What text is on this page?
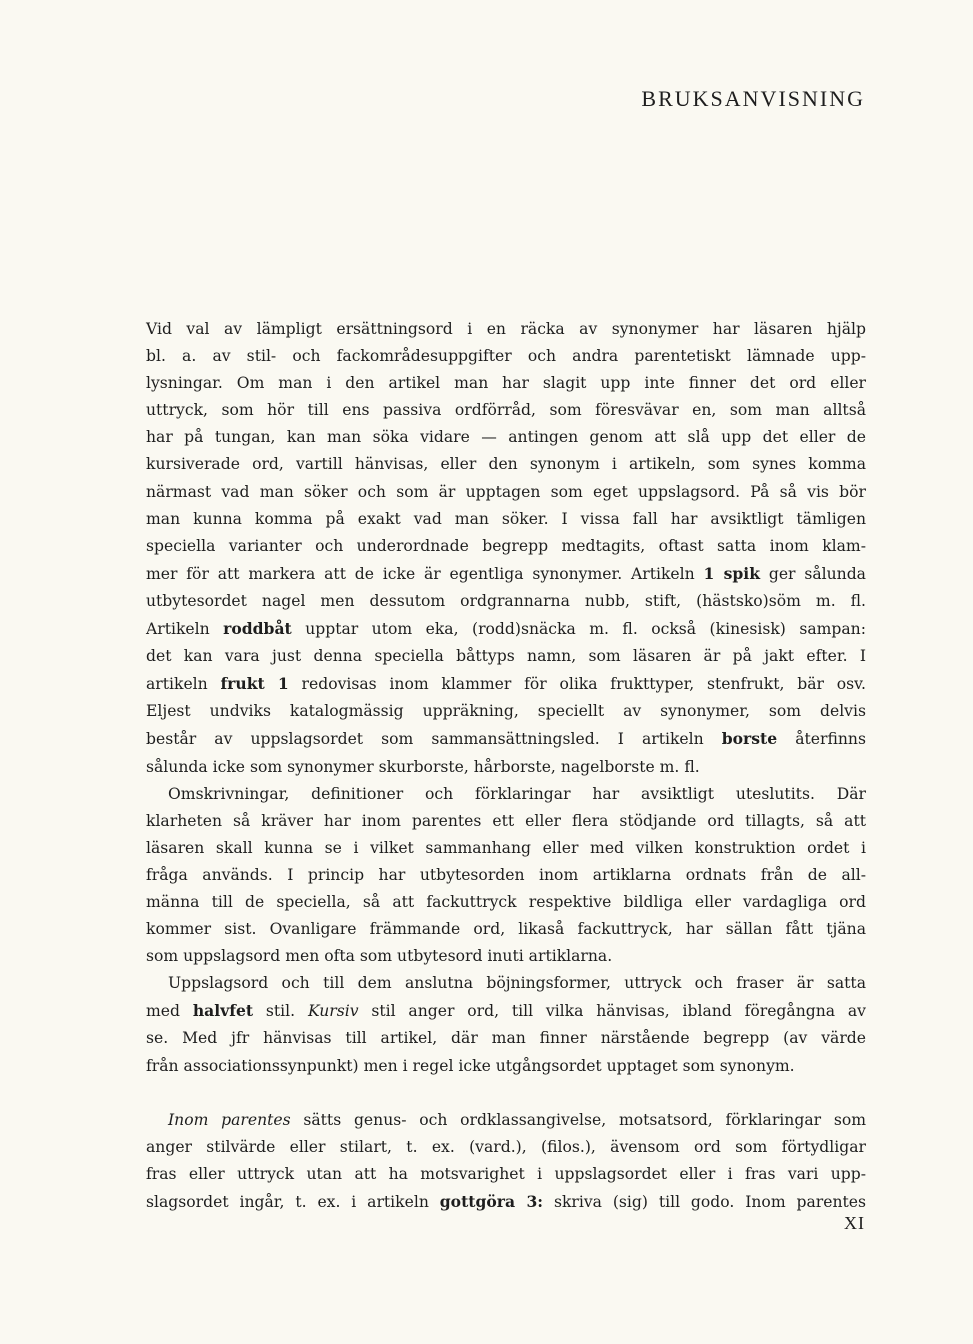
BRUKSANVISNING
Vid val av lämpligt ersättningsord i en räcka av synonymer har läsaren hjälp
bl. a. av stil- och fackområdesuppgifter och andra parentetiskt lämnade upp-
lysningar. Om man i den artikel man har slagit upp inte finner det ord eller
uttryck, som hör till ens passiva ordförråd, som föresvävar en, som man alltså
har på tungan, kan man söka vidare — antingen genom att slå upp det eller de
kursiverade ord, vartill hänvisas, eller den synonym i artikeln, som synes komma
närmast vad man söker och som är upptagen som eget uppslagsord. På så vis bör
man kunna komma på exakt vad man söker. I vissa fall har avsiktligt tämligen
speciella varianter och underordnade begrepp medtagits, oftast satta inom klam-
mer för att markera att de icke är egentliga synonymer. Artikeln 1 spik ger sålunda
utbytesordet nagel men dessutom ordgrannarna nubb, stift, (hästsko)söm m. fl.
Artikeln roddbåt upptar utom eka, (rodd)snäcka m. fl. också (kinesisk) sampan:
det kan vara just denna speciella båttyps namn, som läsaren är på jakt efter. I
artikeln frukt 1 redovisas inom klammer för olika frukttyper, stenfrukt, bär osv.
Eljest undviks katalogmässig uppräkning, speciellt av synonymer, som delvis
består av uppslagsordet som sammansättningsled. I artikeln borste återfinns
sålunda icke som synonymer skurborste, hårborste, nagelborste m. fl.
Omskrivningar, definitioner och förklaringar har avsiktligt uteslutits. Där
klarheten så kräver har inom parentes ett eller flera stödjande ord tillagts, så att
läsaren skall kunna se i vilket sammanhang eller med vilken konstruktion ordet i
fråga används. I princip har utbytesorden inom artiklarna ordnats från de all-
männa till de speciella, så att fackuttryck respektive bildliga eller vardagliga ord
kommer sist. Ovanligare främmande ord, likaså fackuttryck, har sällan fått tjäna
som uppslagsord men ofta som utbytesord inuti artiklarna.
Uppslagsord och till dem anslutna böjningsformer, uttryck och fraser är satta
med halvfet stil. Kursiv stil anger ord, till vilka hänvisas, ibland föregångna av
se. Med jfr hänvisas till artikel, där man finner närstående begrepp (av värde
från associationssynpunkt) men i regel icke utgångsordet upptaget som synonym.
Inom parentes sätts genus- och ordklassangivelse, motsatsord, förklaringar som
anger stilvärde eller stilart, t. ex. (vard.), (filos.), ävensom ord som förtydligar
fras eller uttryck utan att ha motsvarighet i uppslagsordet eller i fras vari upp-
slagsordet ingår, t. ex. i artikeln gottgöra 3: skriva (sig) till godo. Inom parentes
XI
